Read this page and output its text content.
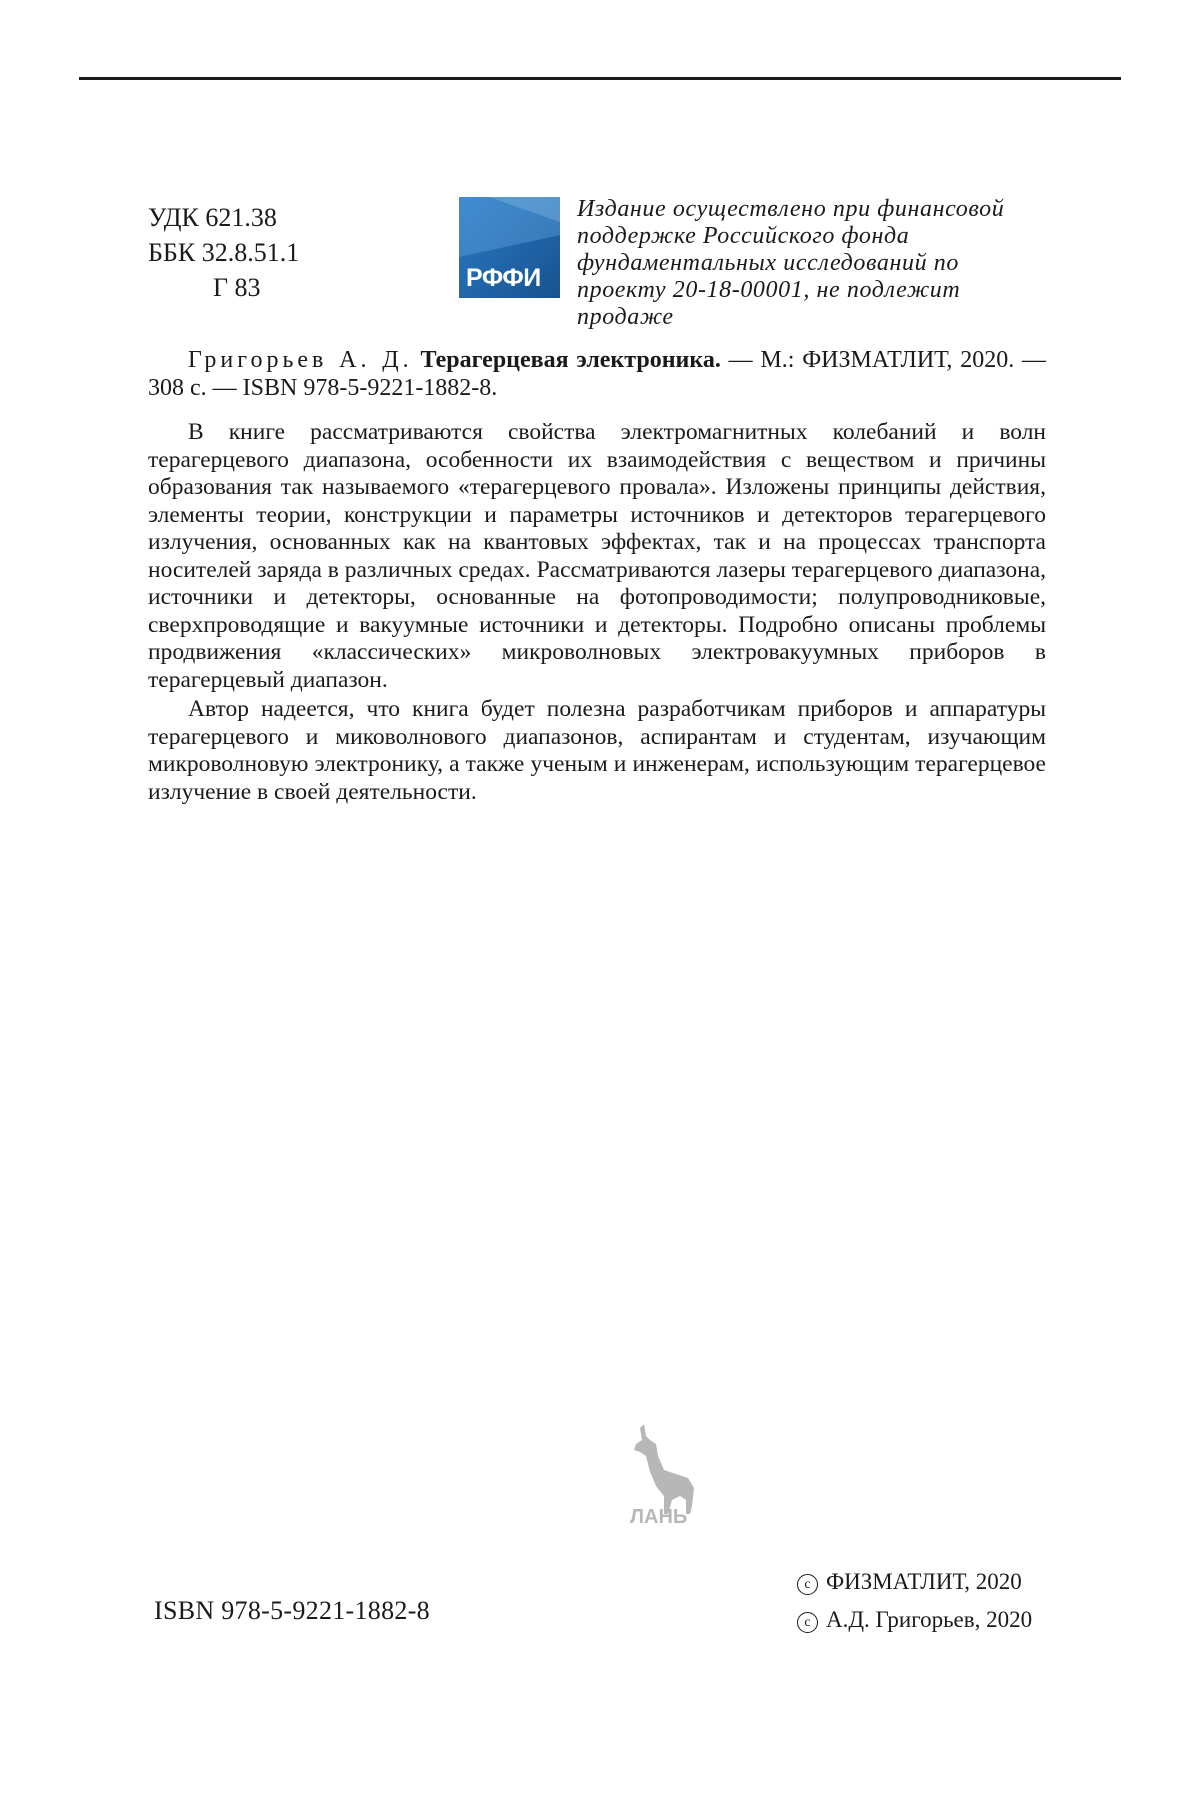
УДК 621.38
ББК 32.8.51.1
Г 83	РФФИ
Издание осуществлено при финансовой поддержке Российского фонда фундаментальных исследований по проекту 20-18-00001, не подлежит продаже
Григорьев А. Д. Терагерцевая электроника. — М.: ФИЗМАТЛИТ, 2020. — 308 с. — ISBN 978-5-9221-1882-8.

В книге рассматриваются свойства электромагнитных колебаний и волн терагерцевого диапазона, особенности их взаимодействия с веществом и причины образования так называемого «терагерцевого провала». Изложены принципы действия, элементы теории, конструкции и параметры источников и детекторов терагерцевого излучения, основанных как на квантовых эффектах, так и на процессах транспорта носителей заряда в различных средах. Рассматриваются лазеры терагерцевого диапазона, источники и детекторы, основанные на фотопроводимости; полупроводниковые, сверхпроводящие и вакуумные источники и детекторы. Подробно описаны проблемы продвижения «классических» микроволновых электровакуумных приборов в терагерцевый диапазон.

Автор надеется, что книга будет полезна разработчикам приборов и аппаратуры терагерцевого и миковолнового диапазонов, аспирантам и студентам, изучающим микроволновую электронику, а также ученым и инженерам, использующим терагерцевое излучение в своей деятельности.

ЛАНЬ
ISBN 978-5-9221-1882-8
c ФИЗМАТЛИТ, 2020
c А.Д. Григорьев, 2020
